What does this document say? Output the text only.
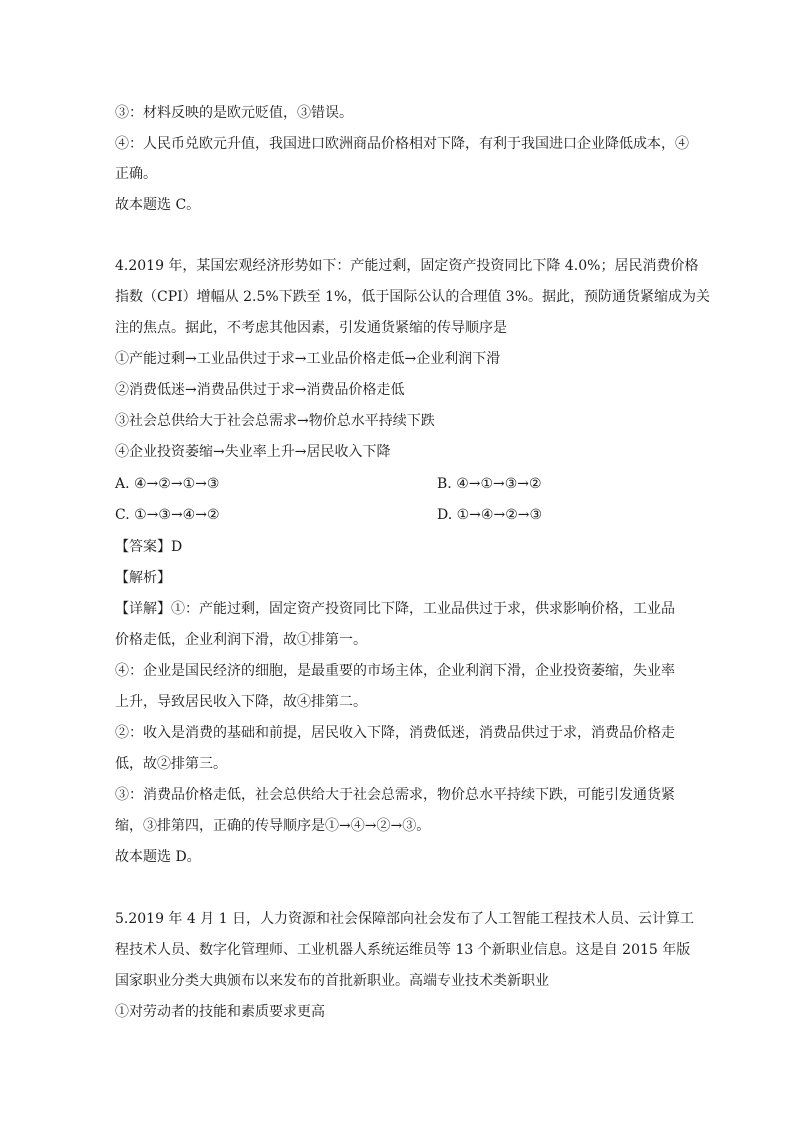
③：材料反映的是欧元贬值，③错误。

④：人民币兑欧元升值，我国进口欧洲商品价格相对下降，有利于我国进口企业降低成本，④

正确。

故本题选 C。

4.2019 年，某国宏观经济形势如下：产能过剩，固定资产投资同比下降 4.0%；居民消费价格

指数（CPI）增幅从 2.5%下跌至 1%，低于国际公认的合理值 3%。据此，预防通货紧缩成为关

注的焦点。据此，不考虑其他因素，引发通货紧缩的传导顺序是

①产能过剩→工业品供过于求→工业品价格走低→企业利润下滑

②消费低迷→消费品供过于求→消费品价格走低

③社会总供给大于社会总需求→物价总水平持续下跌

④企业投资萎缩→失业率上升→居民收入下降

A. ④→②→①→③	B. ④→①→③→②

C. ①→③→④→②	D. ①→④→②→③

【答案】D

【解析】

【详解】①：产能过剩，固定资产投资同比下降，工业品供过于求，供求影响价格，工业品

价格走低，企业利润下滑，故①排第一。

④：企业是国民经济的细胞，是最重要的市场主体，企业利润下滑，企业投资萎缩，失业率

上升，导致居民收入下降，故④排第二。

②：收入是消费的基础和前提，居民收入下降，消费低迷，消费品供过于求，消费品价格走

低，故②排第三。

③：消费品价格走低，社会总供给大于社会总需求，物价总水平持续下跌，可能引发通货紧

缩，③排第四，正确的传导顺序是①→④→②→③。

故本题选 D。

5.2019 年 4 月 1 日，人力资源和社会保障部向社会发布了人工智能工程技术人员、云计算工

程技术人员、数字化管理师、工业机器人系统运维员等 13 个新职业信息。这是自 2015 年版

国家职业分类大典颁布以来发布的首批新职业。高端专业技术类新职业

①对劳动者的技能和素质要求更高
